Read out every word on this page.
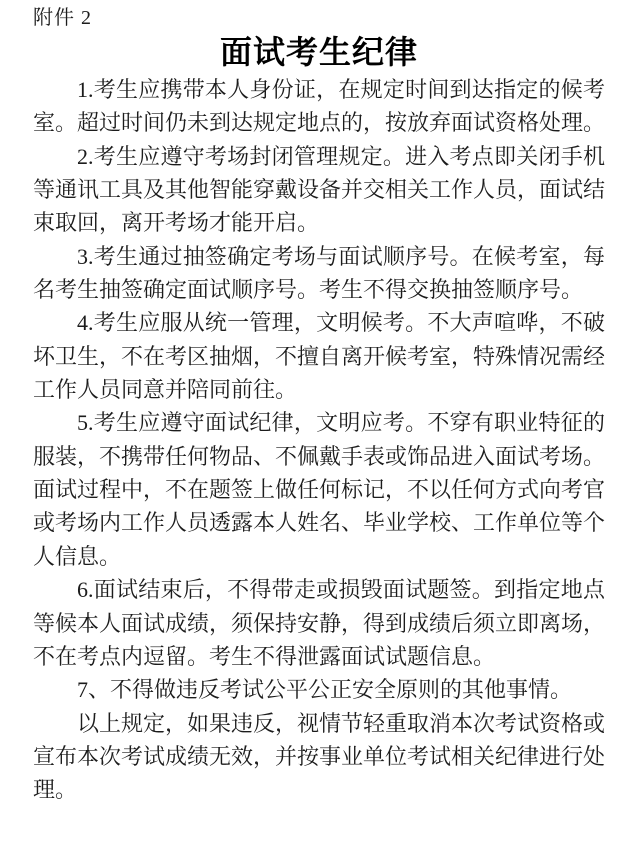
附件 2

面试考生纪律

1.考生应携带本人身份证，在规定时间到达指定的候考室。超过时间仍未到达规定地点的，按放弃面试资格处理。

2.考生应遵守考场封闭管理规定。进入考点即关闭手机等通讯工具及其他智能穿戴设备并交相关工作人员，面试结束取回，离开考场才能开启。

3.考生通过抽签确定考场与面试顺序号。在候考室，每名考生抽签确定面试顺序号。考生不得交换抽签顺序号。

4.考生应服从统一管理，文明候考。不大声喧哗，不破坏卫生，不在考区抽烟，不擅自离开候考室，特殊情况需经工作人员同意并陪同前往。

5.考生应遵守面试纪律，文明应考。不穿有职业特征的服装，不携带任何物品、不佩戴手表或饰品进入面试考场。面试过程中，不在题签上做任何标记，不以任何方式向考官或考场内工作人员透露本人姓名、毕业学校、工作单位等个人信息。

6.面试结束后，不得带走或损毁面试题签。到指定地点等候本人面试成绩，须保持安静，得到成绩后须立即离场，不在考点内逗留。考生不得泄露面试试题信息。

7、不得做违反考试公平公正安全原则的其他事情。

以上规定，如果违反，视情节轻重取消本次考试资格或宣布本次考试成绩无效，并按事业单位考试相关纪律进行处理。
